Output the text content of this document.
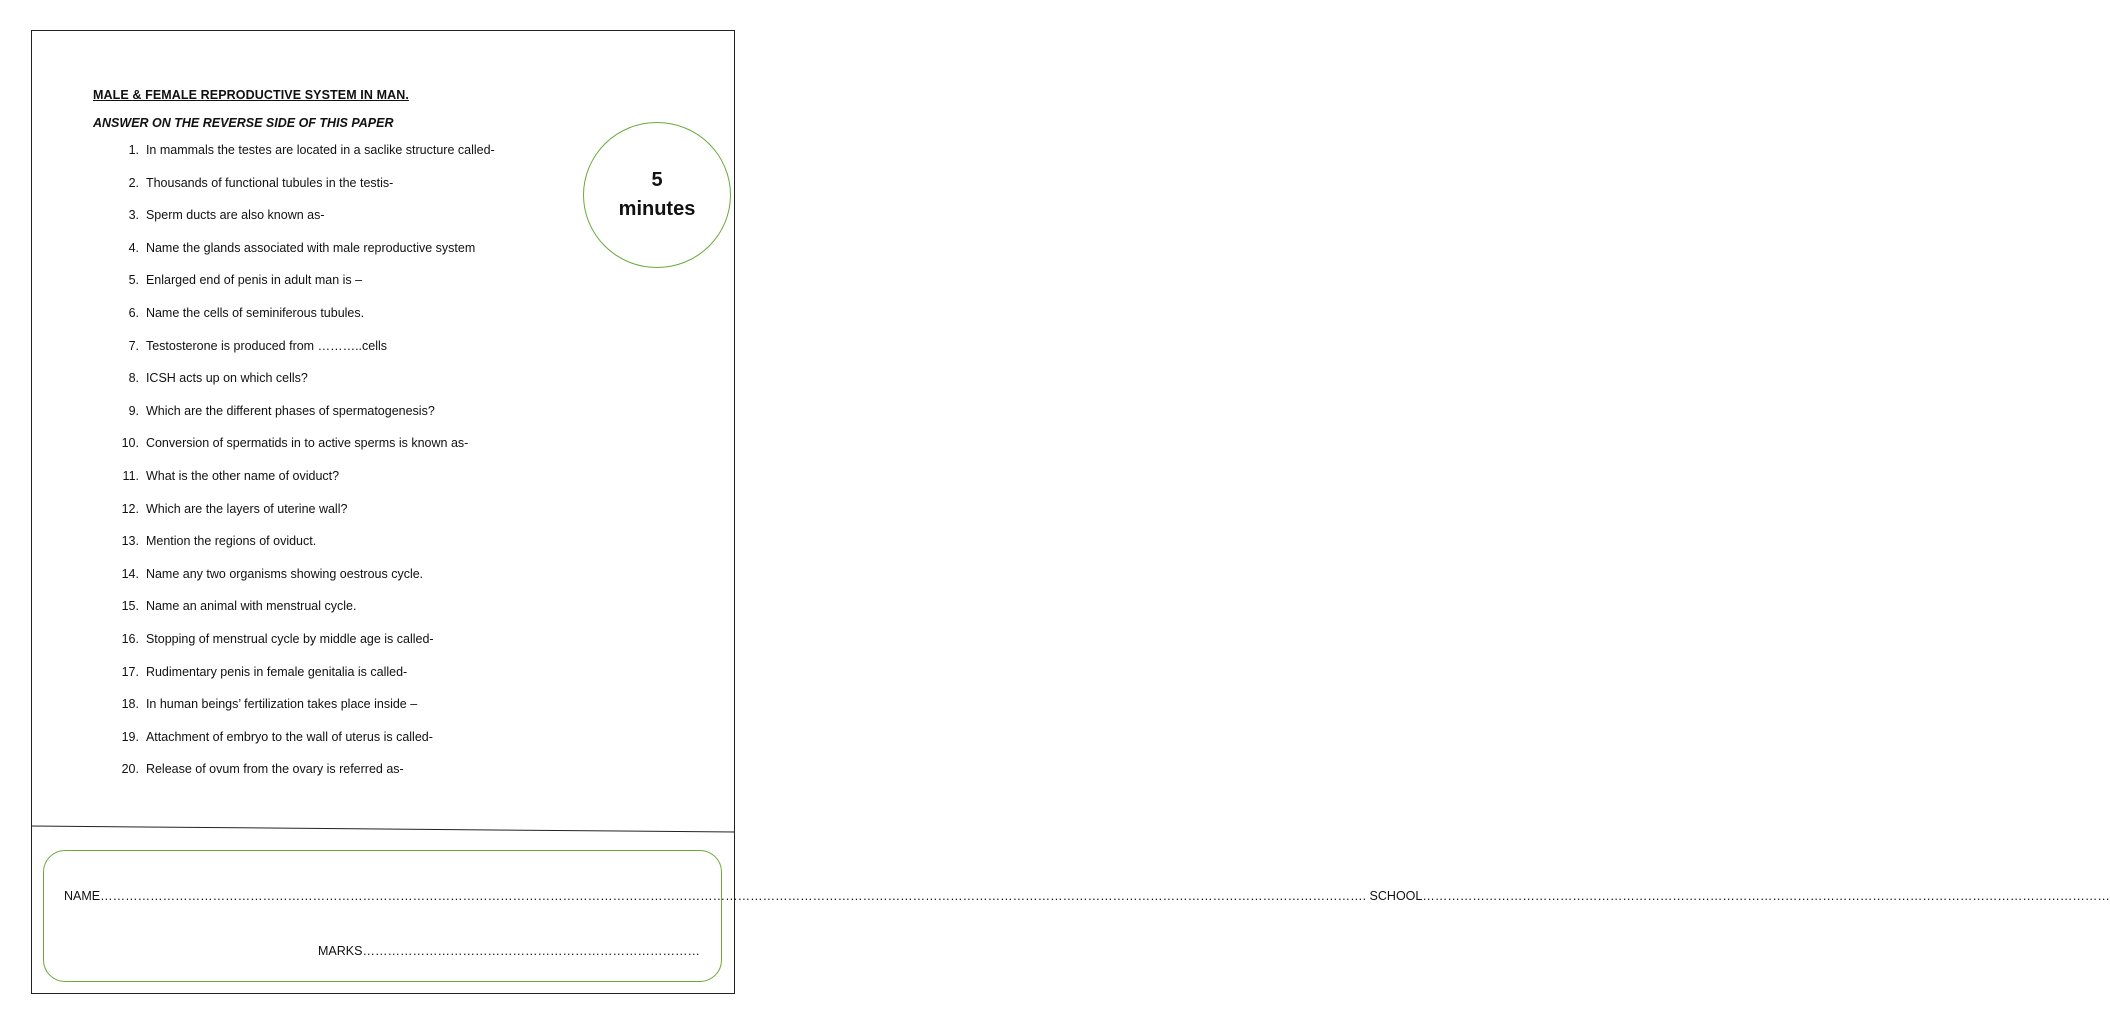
MALE & FEMALE REPRODUCTIVE SYSTEM IN MAN.
ANSWER ON THE REVERSE SIDE OF THIS PAPER
5
minutes
1.
In mammals the testes are located in a saclike structure called-
2.
Thousands of functional tubules in the testis-
3.
Sperm ducts are also known as-
4.
Name the glands associated with male reproductive system
5.
Enlarged end of penis in adult man is –
6.
Name the cells of seminiferous tubules.
7.
Testosterone is produced from ………..cells
8.
ICSH acts up on which cells?
9.
Which are the different phases of spermatogenesis?
10.
Conversion of spermatids in to active sperms is known as-
11.
What is the other name of oviduct?
12.
Which are the layers of uterine wall?
13.
Mention the regions of oviduct.
14.
Name any two organisms showing oestrous cycle.
15.
Name an animal with menstrual cycle.
16.
Stopping of menstrual cycle by middle age is called-
17.
Rudimentary penis in female genitalia is called-
18.
In human beings’ fertilization takes place inside –
19.
Attachment of embryo to the wall of uterus is called-
20.
Release of ovum from the ovary is referred as-
NAME……………………………………………………………………………………………………………………………………………………………………………………………………………………………………………………………………………. SCHOOL…………………………………………………………………………………………………………………………………………………
MARKS………………………………………………………………………
